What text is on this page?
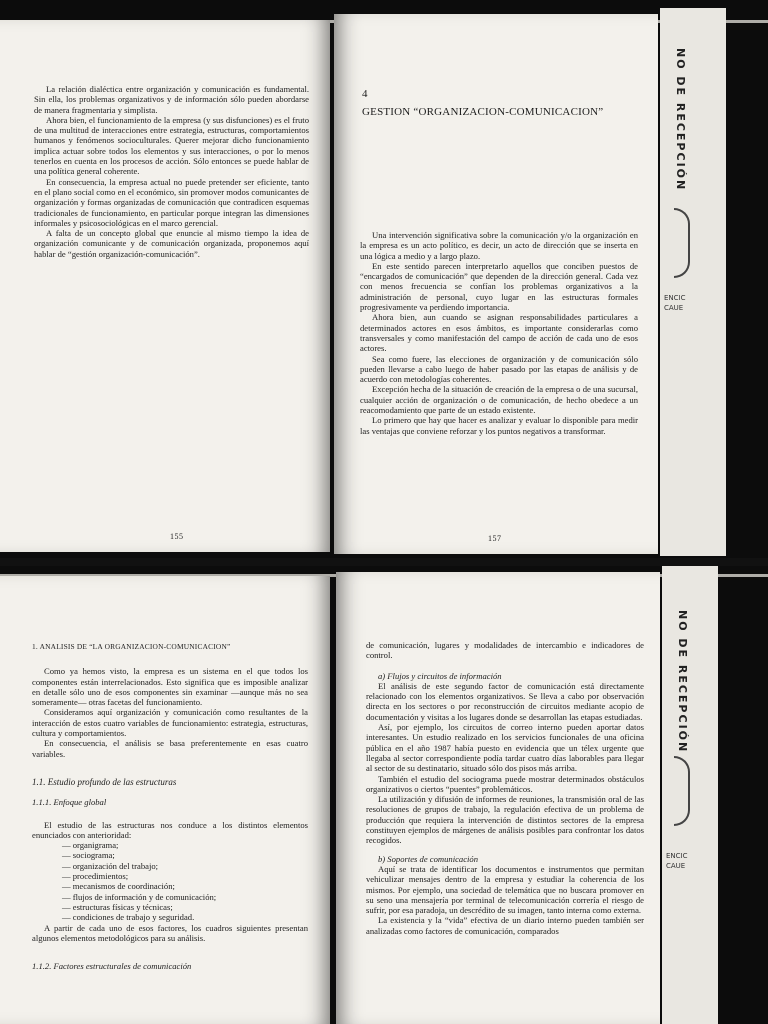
La relación dialéctica entre organización y comunicación es fundamental. Sin ella, los problemas organizativos y de información sólo pueden abordarse de manera fragmentaria y simplista.

Ahora bien, el funcionamiento de la empresa (y sus disfunciones) es el fruto de una multitud de interacciones entre estrategia, estructuras, comportamientos humanos y fenómenos socioculturales. Querer mejorar dicho funcionamiento implica actuar sobre todos los elementos y sus interacciones, o por lo menos tenerlos en cuenta en los procesos de acción. Sólo entonces se puede hablar de una política general coherente.

En consecuencia, la empresa actual no puede pretender ser eficiente, tanto en el plano social como en el económico, sin promover modos comunicantes de organización y formas organizadas de comunicación que contradicen esquemas tradicionales de funcionamiento, en particular porque integran las dimensiones informales y psicosociológicas en el marco gerencial.

A falta de un concepto global que enuncie al mismo tiempo la idea de organización comunicante y de comunicación organizada, proponemos aquí hablar de “gestión organización-comunicación”.

155
4
GESTION “ORGANIZACION-COMUNICACION”

Una intervención significativa sobre la comunicación y/o la organización en la empresa es un acto político, es decir, un acto de dirección que se inserta en una lógica a medio y a largo plazo.

En este sentido parecen interpretarlo aquellos que conciben puestos de “encargados de comunicación” que dependen de la dirección general. Cada vez con menos frecuencia se confían los problemas organizativos a la administración de personal, cuyo lugar en las estructuras formales progresivamente va perdiendo importancia.

Ahora bien, aun cuando se asignan responsabilidades particulares a determinados actores en esos ámbitos, es importante considerarlas como transversales y como manifestación del campo de acción de cada uno de esos actores.

Sea como fuere, las elecciones de organización y de comunicación sólo pueden llevarse a cabo luego de haber pasado por las etapas de análisis y de acuerdo con metodologías coherentes.

Excepción hecha de la situación de creación de la empresa o de una sucursal, cualquier acción de organización o de comunicación, de hecho obedece a un reacomodamiento que parte de un estado existente.

Lo primero que hay que hacer es analizar y evaluar lo disponible para medir las ventajas que conviene reforzar y los puntos negativos a transformar.

157
NO DE RECEPCIÓN
ENCIC
CAUE

1. ANALISIS DE “LA ORGANIZACION-COMUNICACION”

Como ya hemos visto, la empresa es un sistema en el que todos los componentes están interrelacionados. Esto significa que es imposible analizar en detalle sólo uno de esos componentes sin examinar —aunque más no sea someramente— otras facetas del funcionamiento.

Consideramos aquí organización y comunicación como resultantes de la interacción de estos cuatro variables de funcionamiento: estrategia, estructuras, cultura y comportamientos.

En consecuencia, el análisis se basa preferentemente en esas cuatro variables.

1.1. Estudio profundo de las estructuras

1.1.1. Enfoque global

El estudio de las estructuras nos conduce a los distintos elementos enunciados con anterioridad:

— organigrama;
— sociograma;
— organización del trabajo;
— procedimientos;
— mecanismos de coordinación;
— flujos de información y de comunicación;
— estructuras físicas y técnicas;
— condiciones de trabajo y seguridad.

A partir de cada uno de esos factores, los cuadros siguientes presentan algunos elementos metodológicos para su análisis.

1.1.2. Factores estructurales de comunicación

de comunicación, lugares y modalidades de intercambio e indicadores de control.

a) Flujos y circuitos de información

El análisis de este segundo factor de comunicación está directamente relacionado con los elementos organizativos. Se lleva a cabo por observación directa en los sectores o por reconstrucción de circuitos mediante acopio de documentación y visitas a los lugares donde se desarrollan las etapas estudiadas.

Así, por ejemplo, los circuitos de correo interno pueden aportar datos interesantes. Un estudio realizado en los servicios funcionales de una oficina pública en el año 1987 había puesto en evidencia que un télex urgente que llegaba al sector correspondiente podía tardar cuatro días laborables para llegar al sector de su destinatario, situado sólo dos pisos más arriba.

También el estudio del sociograma puede mostrar determinados obstáculos organizativos o ciertos “puentes” problemáticos.

La utilización y difusión de informes de reuniones, la transmisión oral de las resoluciones de grupos de trabajo, la regulación efectiva de un problema de producción que requiera la intervención de distintos sectores de la empresa constituyen ejemplos de márgenes de análisis posibles para confrontar los datos recogidos.

b) Soportes de comunicación

Aquí se trata de identificar los documentos e instrumentos que permitan vehiculizar mensajes dentro de la empresa y estudiar la coherencia de los mismos. Por ejemplo, una sociedad de telemática que no buscara promover en su seno una mensajería por terminal de telecomunicación correría el riesgo de sufrir, por esa paradoja, un descrédito de su imagen, tanto interna como externa.

La existencia y la “vida” efectiva de un diario interno pueden también ser analizadas como factores de comunicación, comparados

NO DE RECEPCIÓN
ENCIC
CAUE
